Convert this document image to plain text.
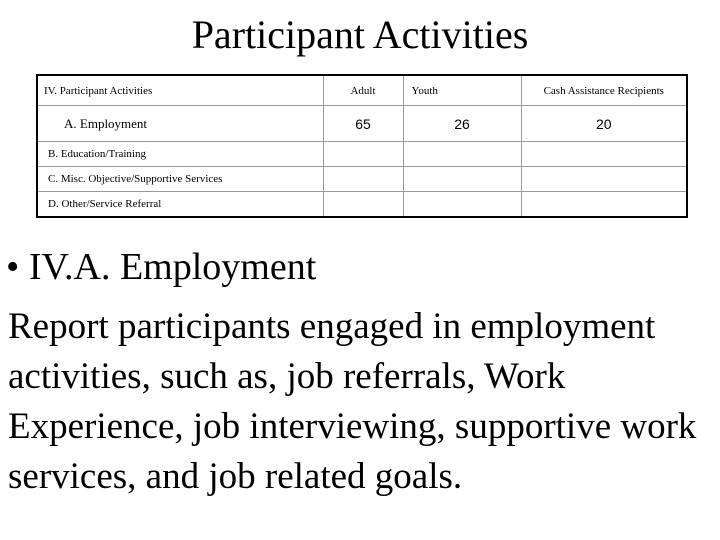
Participant Activities
IV. Participant Activities		Adult	Youth	Cash Assistance Recipients
A. Employment		65	26	20
B. Education/Training				
C. Misc. Objective/Supportive Services				
D. Other/Service Referral				
• IV.A. Employment
Report participants engaged in employment activities, such as, job referrals, Work Experience, job interviewing, supportive work services, and job related goals.
